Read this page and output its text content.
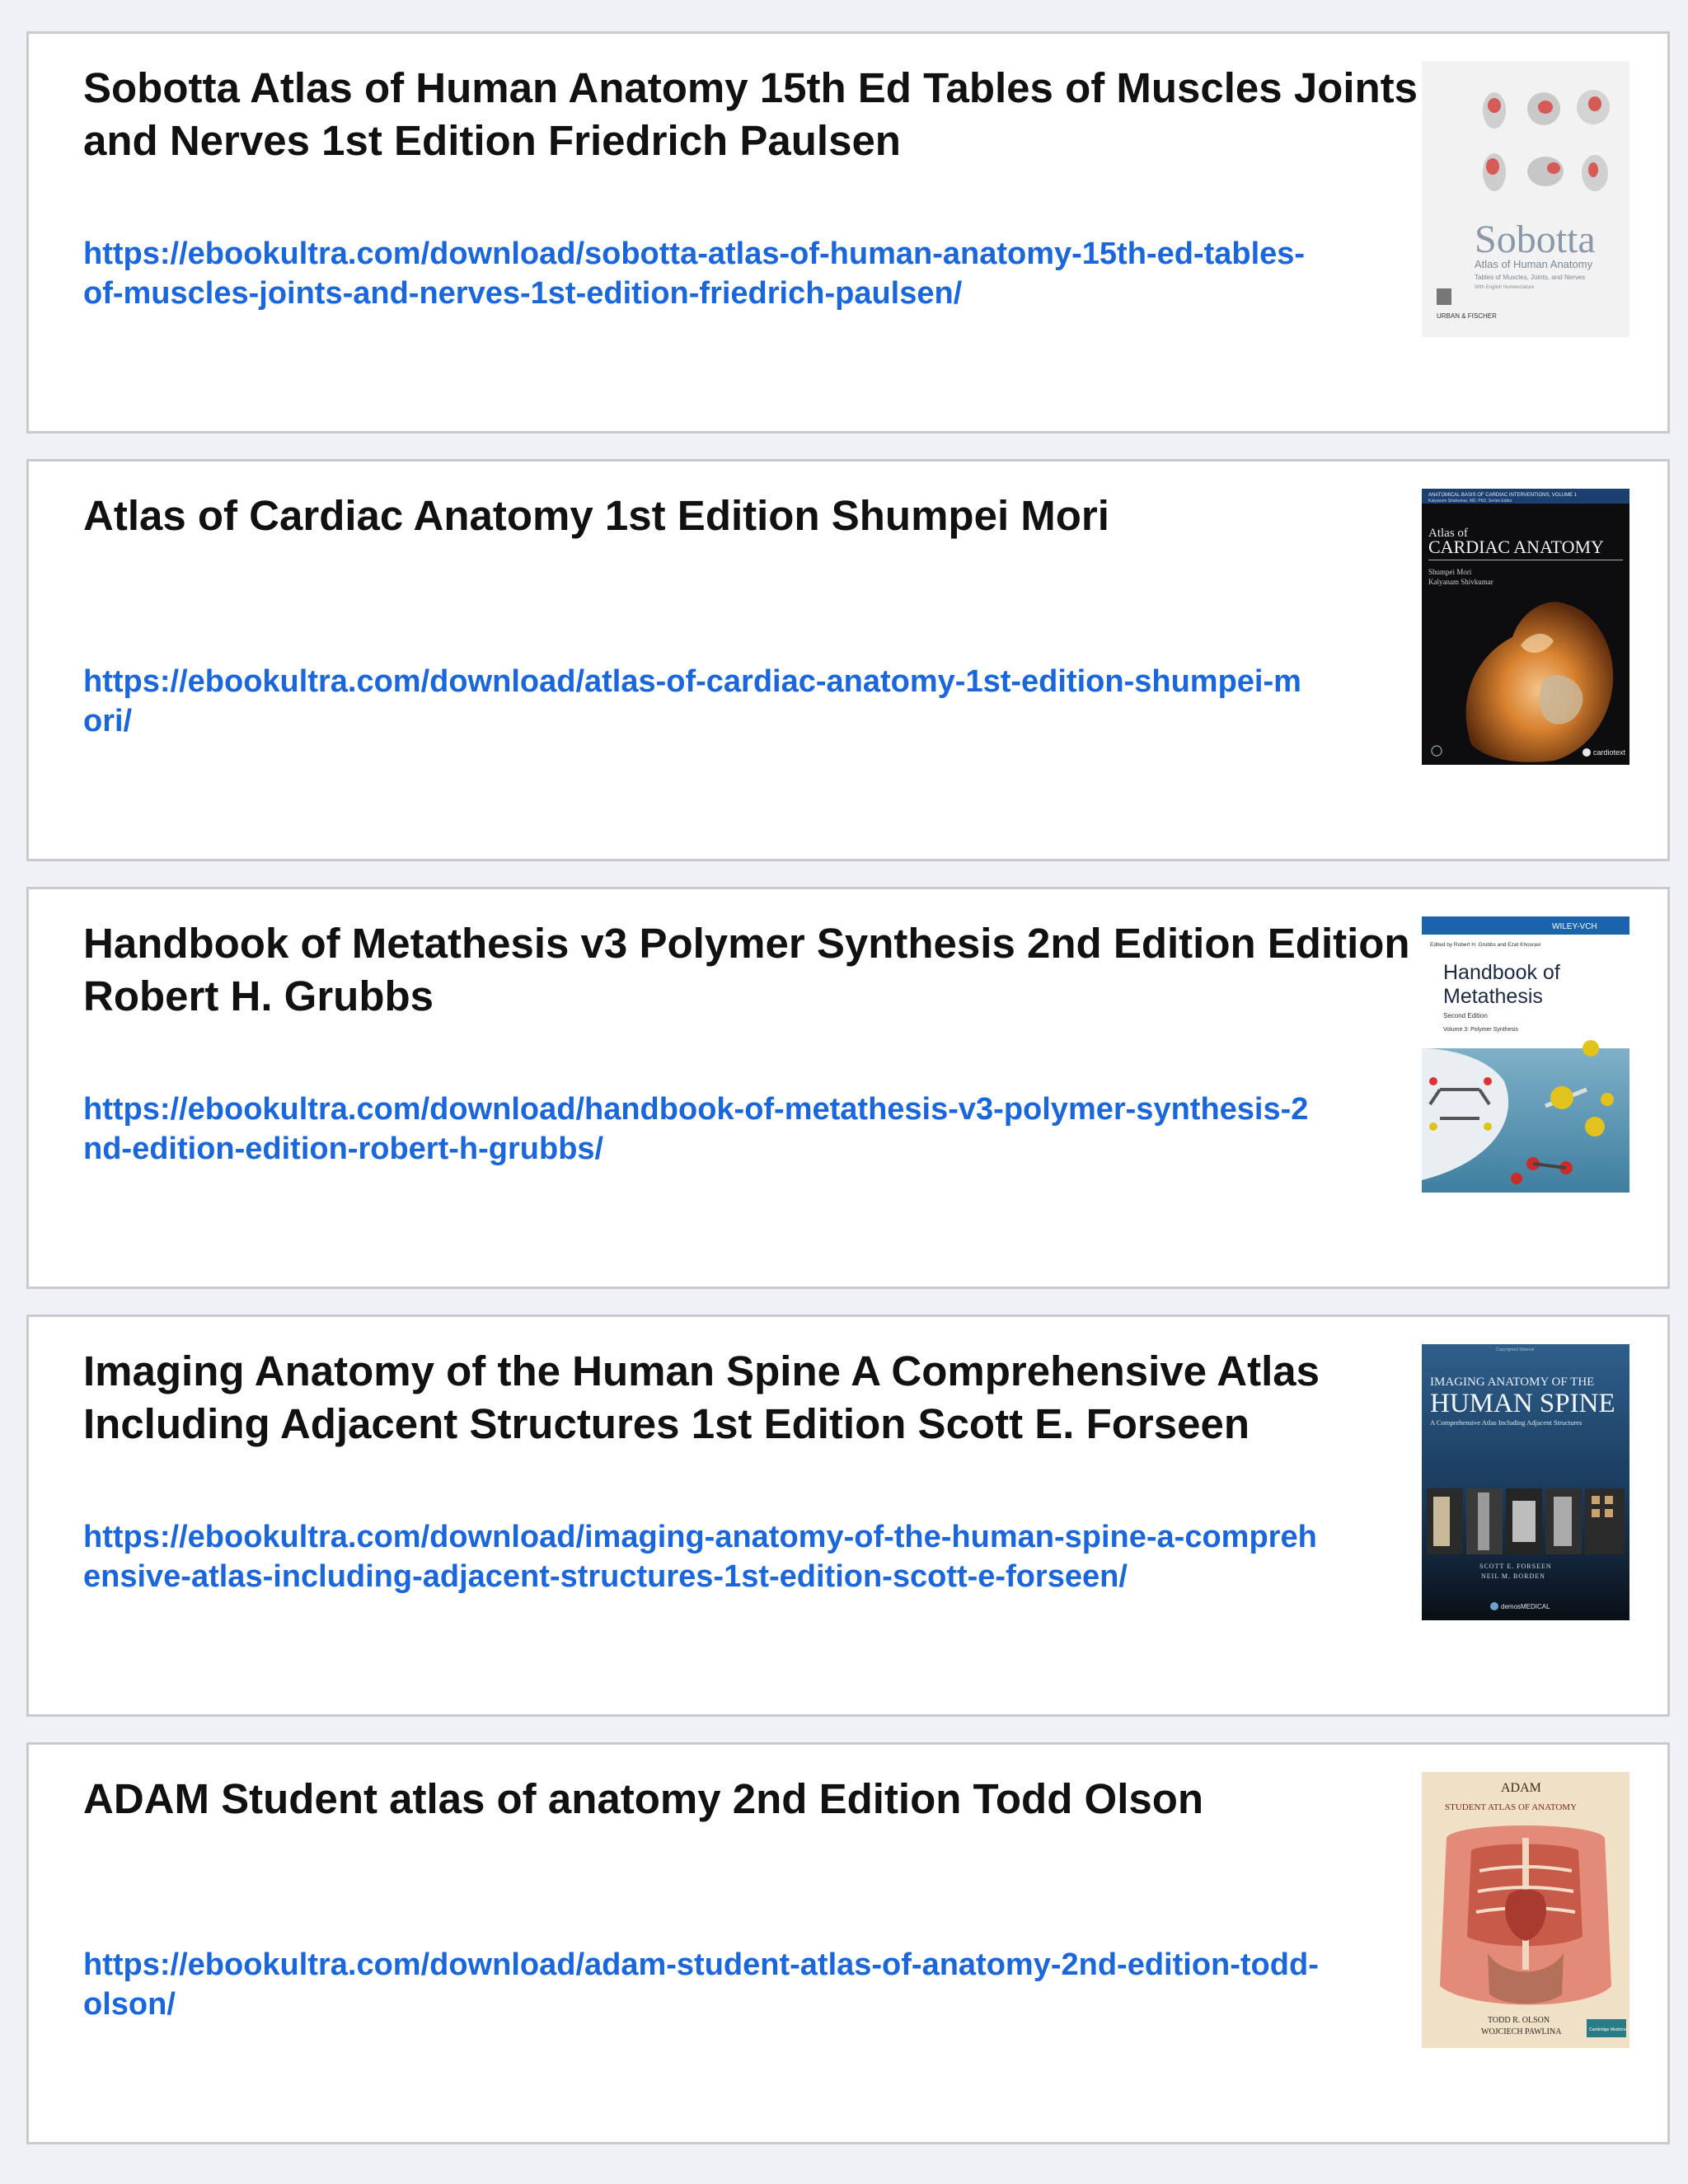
Sobotta Atlas of Human Anatomy 15th Ed Tables of Muscles Joints and Nerves 1st Edition Friedrich Paulsen
https://ebookultra.com/download/sobotta-atlas-of-human-anatomy-15th-ed-tables-of-muscles-joints-and-nerves-1st-edition-friedrich-paulsen/
Sobotta
Atlas of Human Anatomy
Tables of Muscles, Joints, and Nerves
With English Nomenclature
URBAN & FISCHER
Atlas of Cardiac Anatomy 1st Edition Shumpei Mori
https://ebookultra.com/download/atlas-of-cardiac-anatomy-1st-edition-shumpei-mori/
ANATOMICAL BASIS OF CARDIAC INTERVENTIONS, VOLUME 1
Kalyanam Shivkumar, MD, PhD, Series Editor
Atlas of
CARDIAC ANATOMY
Shumpei Mori
Kalyanam Shivkumar
cardiotext
Handbook of Metathesis v3 Polymer Synthesis 2nd Edition Edition Robert H. Grubbs
https://ebookultra.com/download/handbook-of-metathesis-v3-polymer-synthesis-2nd-edition-edition-robert-h-grubbs/
WILEY-VCH
Edited by Robert H. Grubbs and Ezat Khosravi
Handbook of
Metathesis
Second Edition
Volume 3: Polymer Synthesis
Imaging Anatomy of the Human Spine A Comprehensive Atlas Including Adjacent Structures 1st Edition Scott E. Forseen
https://ebookultra.com/download/imaging-anatomy-of-the-human-spine-a-comprehensive-atlas-including-adjacent-structures-1st-edition-scott-e-forseen/
Copyrighted Material
IMAGING ANATOMY OF THE
HUMAN SPINE
A Comprehensive Atlas Including Adjacent Structures
SCOTT E. FORSEEN
NEIL M. BORDEN
demosMEDICAL
ADAM Student atlas of anatomy 2nd Edition Todd Olson
https://ebookultra.com/download/adam-student-atlas-of-anatomy-2nd-edition-todd-olson/
ADAM
STUDENT ATLAS OF ANATOMY
TODD R. OLSON
WOJCIECH PAWLINA	Cambridge Medicine
